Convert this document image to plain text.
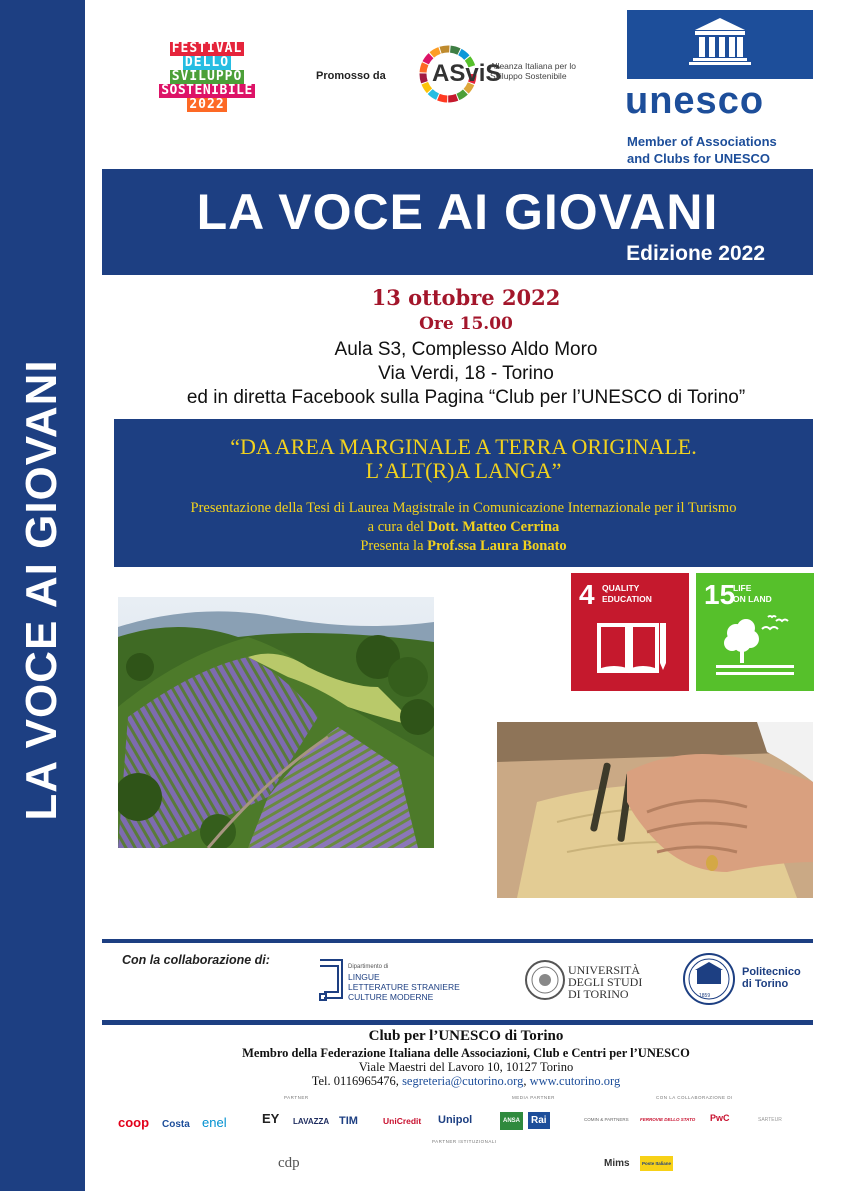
LA VOCE AI GIOVANI
FESTIVAL
DELLO
SVILUPPO
SOSTENIBILE
2022
Promosso da ASviS
Alleanza Italiana per lo Sviluppo Sostenibile
unesco
Member of Associations
and Clubs for UNESCO
LA VOCE AI GIOVANI
Edizione 2022
13 ottobre 2022
Ore 15.00
Aula S3, Complesso Aldo Moro
Via Verdi, 18 - Torino
ed in diretta Facebook sulla Pagina “Club per l’UNESCO di Torino”
“DA AREA MARGINALE A TERRA ORIGINALE.
L’ALT(R)A LANGA”
Presentazione della Tesi di Laurea Magistrale in Comunicazione Internazionale per il Turismo
a cura del Dott. Matteo Cerrina
Presenta la Prof.ssa Laura Bonato
4 QUALITY
EDUCATION 15
LIFE
ON LAND
Con la collaborazione di:	Dipartimento di
LINGUE
LETTERATURE STRANIERE
CULTURE MODERNE
UNIVERSITÀ
DEGLI STUDI
DI TORINO	1859
Politecnico
di Torino
Club per l’UNESCO di Torino
Membro della Federazione Italiana delle Associazioni, Club e Centri per l’UNESCO
Viale Maestri del Lavoro 10, 10127 Torino
Tel. 0116965476, segreteria@cutorino.org, www.cutorino.org
PARTNER	MEDIA PARTNER	CON LA COLLABORAZIONE DI
PARTNER ISTITUZIONALI
coop Costa enel	EY LAVAZZA TIM	UniCredit Unipol	ANSA	Rai	COMIN & PARTNERS	FERROVIE DELLO STATO PwC	SARTEUR
cdp	Mims	Poste Italiane
